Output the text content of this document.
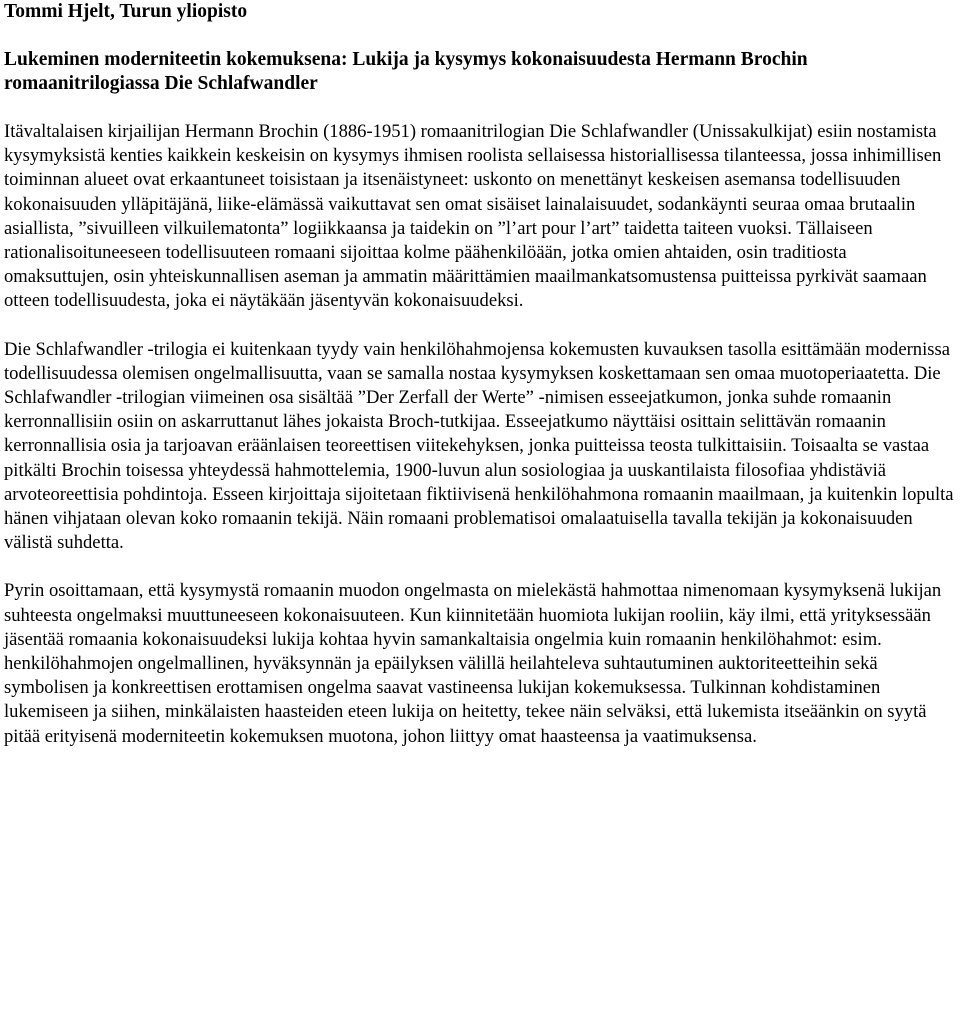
Tommi Hjelt, Turun yliopisto

Lukeminen moderniteetin kokemuksena: Lukija ja kysymys kokonaisuudesta Hermann Brochin romaanitrilogiassa Die Schlafwandler

Itävaltalaisen kirjailijan Hermann Brochin (1886-1951) romaanitrilogian Die Schlafwandler (Unissakulkijat) esiin nostamista kysymyksistä kenties kaikkein keskeisin on kysymys ihmisen roolista sellaisessa historiallisessa tilanteessa, jossa inhimillisen toiminnan alueet ovat erkaantuneet toisistaan ja itsenäistyneet: uskonto on menettänyt keskeisen asemansa todellisuuden kokonaisuuden ylläpitäjänä, liike-elämässä vaikuttavat sen omat sisäiset lainalaisuudet, sodankäynti seuraa omaa brutaalin asiallista, ”sivuilleen vilkuilematonta” logiikkaansa ja taidekin on ”l’art pour l’art” taidetta taiteen vuoksi. Tällaiseen rationalisoituneeseen todellisuuteen romaani sijoittaa kolme päähenkilöään, jotka omien ahtaiden, osin traditiosta omaksuttujen, osin yhteiskunnallisen aseman ja ammatin määrittämien maailmankatsomustensa puitteissa pyrkivät saamaan otteen todellisuudesta, joka ei näytäkään jäsentyvän kokonaisuudeksi.

Die Schlafwandler -trilogia ei kuitenkaan tyydy vain henkilöhahmojensa kokemusten kuvauksen tasolla esittämään modernissa todellisuudessa olemisen ongelmallisuutta, vaan se samalla nostaa kysymyksen koskettamaan sen omaa muotoperiaatetta. Die Schlafwandler -trilogian viimeinen osa sisältää ”Der Zerfall der Werte” -nimisen esseejatkumon, jonka suhde romaanin kerronnallisiin osiin on askarruttanut lähes jokaista Broch-tutkijaa. Esseejatkumo näyttäisi osittain selittävän romaanin kerronnallisia osia ja tarjoavan eräänlaisen teoreettisen viitekehyksen, jonka puitteissa teosta tulkittaisiin. Toisaalta se vastaa pitkälti Brochin toisessa yhteydessä hahmottelemia, 1900-luvun alun sosiologiaa ja uuskantilaista filosofiaa yhdistäviä arvoteoreettisia pohdintoja. Esseen kirjoittaja sijoitetaan fiktiivisenä henkilöhahmona romaanin maailmaan, ja kuitenkin lopulta hänen vihjataan olevan koko romaanin tekijä. Näin romaani problematisoi omalaatuisella tavalla tekijän ja kokonaisuuden välistä suhdetta.

Pyrin osoittamaan, että kysymystä romaanin muodon ongelmasta on mielekästä hahmottaa nimenomaan kysymyksenä lukijan suhteesta ongelmaksi muuttuneeseen kokonaisuuteen. Kun kiinnitetään huomiota lukijan rooliin, käy ilmi, että yrityksessään jäsentää romaania kokonaisuudeksi lukija kohtaa hyvin samankaltaisia ongelmia kuin romaanin henkilöhahmot: esim. henkilöhahmojen ongelmallinen, hyväksynnän ja epäilyksen välillä heilahteleva suhtautuminen auktoriteetteihin sekä symbolisen ja konkreettisen erottamisen ongelma saavat vastineensa lukijan kokemuksessa. Tulkinnan kohdistaminen lukemiseen ja siihen, minkälaisten haasteiden eteen lukija on heitetty, tekee näin selväksi, että lukemista itseäänkin on syytä pitää erityisenä moderniteetin kokemuksen muotona, johon liittyy omat haasteensa ja vaatimuksensa.
